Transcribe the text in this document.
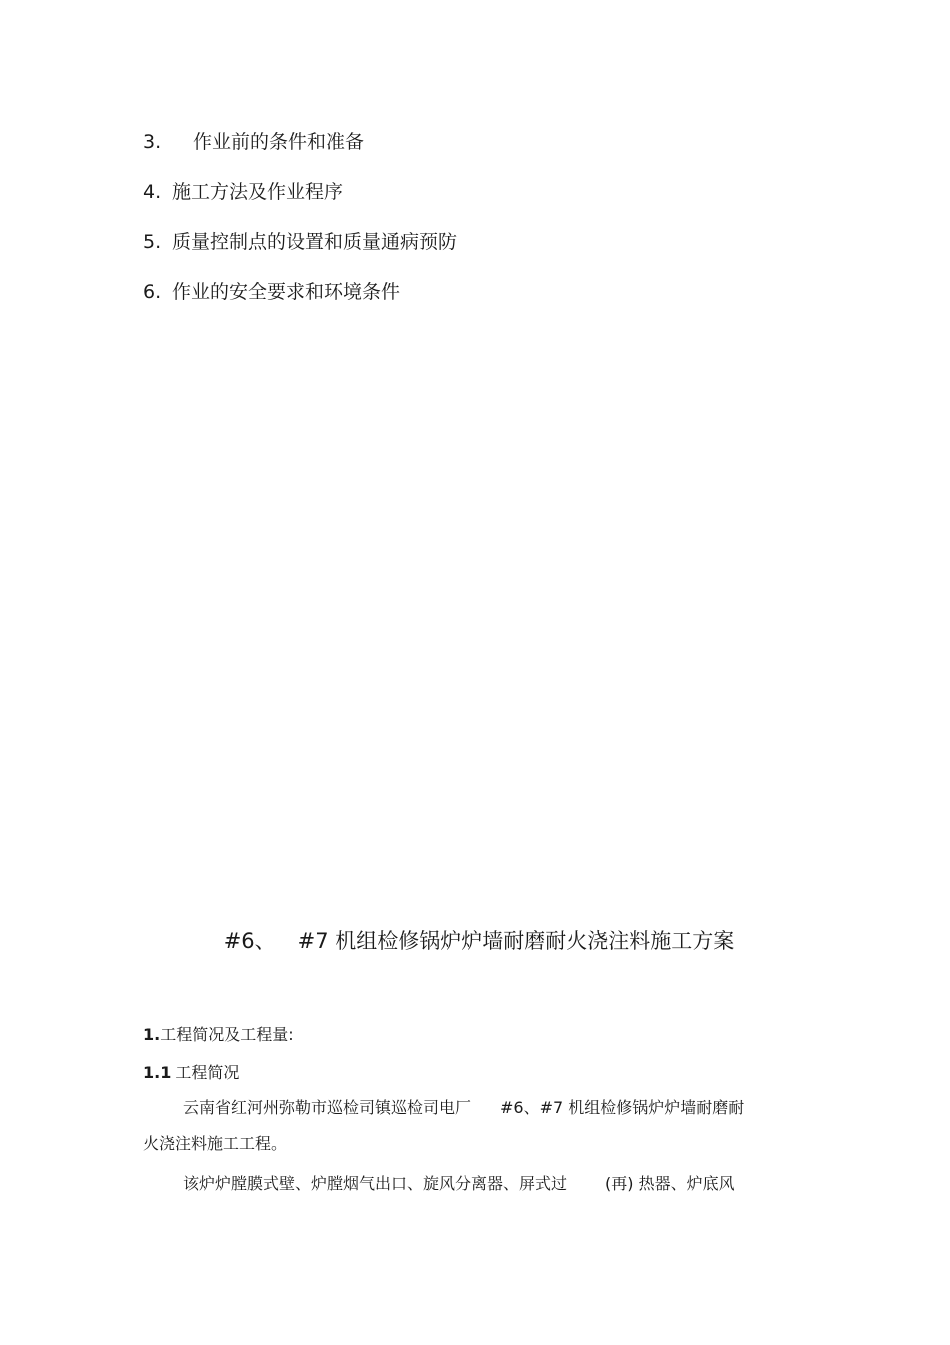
3. 作业前的条件和准备
4. 施工方法及作业程序
5. 质量控制点的设置和质量通病预防
6. 作业的安全要求和环境条件
#6、 #7 机组检修锅炉炉墙耐磨耐火浇注料施工方案
1.工程简况及工程量:
1.1 工程简况
云南省红河州弥勒市巡检司镇巡检司电厂 #6、#7 机组检修锅炉炉墙耐磨耐
火浇注料施工工程。
该炉炉膛膜式壁、炉膛烟气出口、旋风分离器、屏式过 (再) 热器、炉底风
